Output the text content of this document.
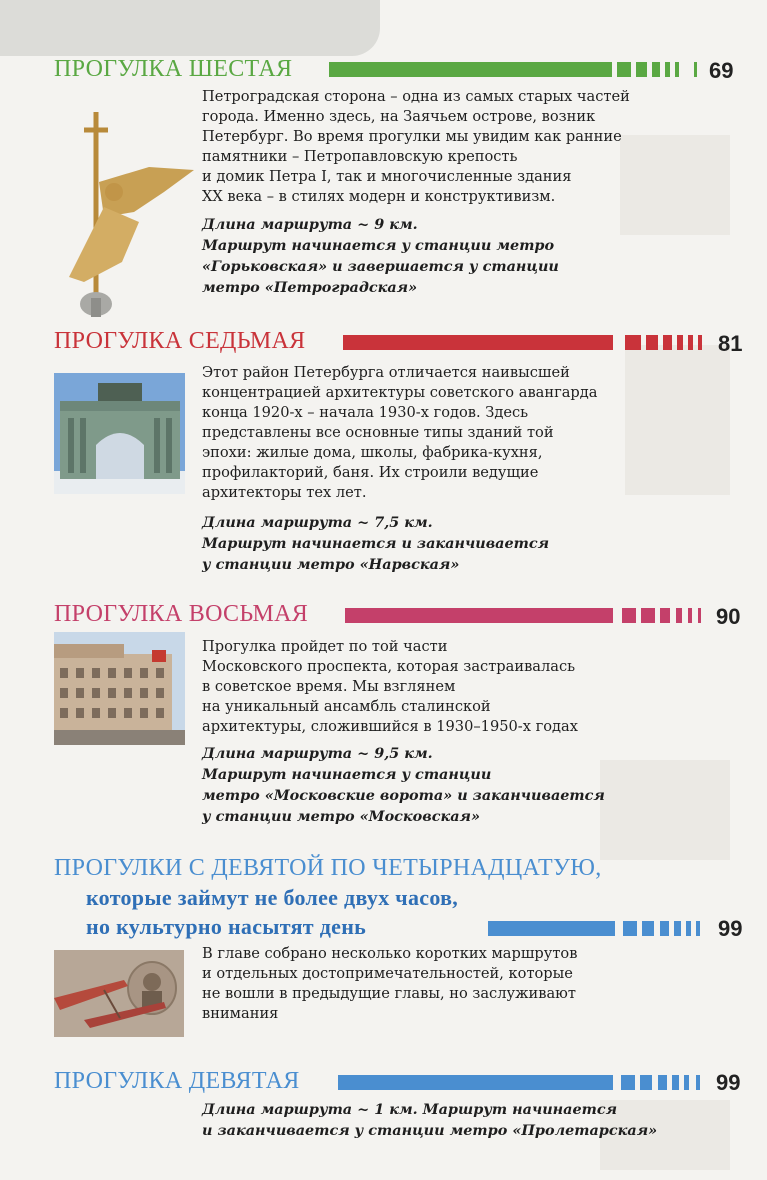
ПРОГУЛКА ШЕСТАЯ	69

Петроградская сторона – одна из самых старых частей
города. Именно здесь, на Заячьем острове, возник
Петербург. Во время прогулки мы увидим как ранние
памятники – Петропавловскую крепость
и домик Петра I, так и многочисленные здания
XX века – в стилях модерн и конструктивизм.

Длина маршрута ~ 9 км.
Маршрут начинается у станции метро
«Горьковская» и завершается у станции
метро «Петроградская»

ПРОГУЛКА СЕДЬМАЯ	81

Этот район Петербурга отличается наивысшей
концентрацией архитектуры советского авангарда
конца 1920-х – начала 1930-х годов. Здесь
представлены все основные типы зданий той
эпохи: жилые дома, школы, фабрика-кухня,
профилакторий, баня. Их строили ведущие
архитекторы тех лет.

Длина маршрута ~ 7,5 км.
Маршрут начинается и заканчивается
у станции метро «Нарвская»

ПРОГУЛКА ВОСЬМАЯ	90

Прогулка пройдет по той части
Московского проспекта, которая застраивалась
в советское время. Мы взглянем
на уникальный ансамбль сталинской
архитектуры, сложившийся в 1930–1950-х годах

Длина маршрута ~ 9,5 км.
Маршрут начинается у станции
метро «Московские ворота» и заканчивается
у станции метро «Московская»

ПРОГУЛКИ С ДЕВЯТОЙ ПО ЧЕТЫРНАДЦАТУЮ,
которые займут не более двух часов,
но культурно насытят день	99

В главе собрано несколько коротких маршрутов
и отдельных достопримечательностей, которые
не вошли в предыдущие главы, но заслуживают
внимания

ПРОГУЛКА ДЕВЯТАЯ	99

Длина маршрута ~ 1 км. Маршрут начинается
и заканчивается у станции метро «Пролетарская»
